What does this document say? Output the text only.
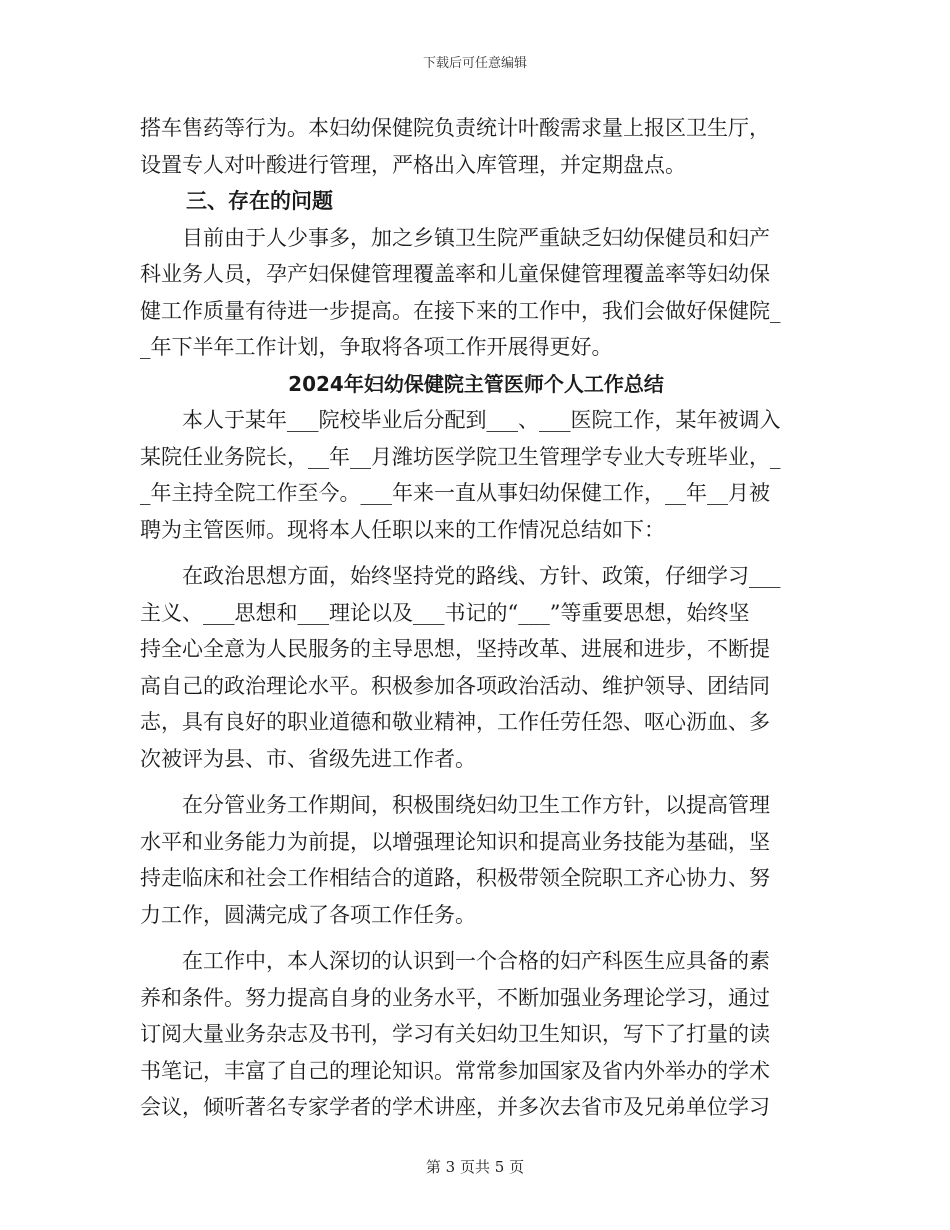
下载后可任意编辑
搭车售药等行为。本妇幼保健院负责统计叶酸需求量上报区卫生厅，
设置专人对叶酸进行管理，严格出入库管理，并定期盘点。
三、存在的问题
目前由于人少事多，加之乡镇卫生院严重缺乏妇幼保健员和妇产
科业务人员，孕产妇保健管理覆盖率和儿童保健管理覆盖率等妇幼保
健工作质量有待进一步提高。在接下来的工作中，我们会做好保健院_
_年下半年工作计划，争取将各项工作开展得更好。
2024年妇幼保健院主管医师个人工作总结
本人于某年___院校毕业后分配到___、___医院工作，某年被调入
某院任业务院长，__年__月潍坊医学院卫生管理学专业大专班毕业，_
_年主持全院工作至今。___年来一直从事妇幼保健工作，__年__月被
聘为主管医师。现将本人任职以来的工作情况总结如下：
在政治思想方面，始终坚持党的路线、方针、政策，仔细学习___
主义、___思想和___理论以及___书记的“___”等重要思想，始终坚
持全心全意为人民服务的主导思想，坚持改革、进展和进步，不断提
高自己的政治理论水平。积极参加各项政治活动、维护领导、团结同
志，具有良好的职业道德和敬业精神，工作任劳任怨、呕心沥血、多
次被评为县、市、省级先进工作者。
在分管业务工作期间，积极围绕妇幼卫生工作方针，以提高管理
水平和业务能力为前提，以增强理论知识和提高业务技能为基础，坚
持走临床和社会工作相结合的道路，积极带领全院职工齐心协力、努
力工作，圆满完成了各项工作任务。
在工作中，本人深切的认识到一个合格的妇产科医生应具备的素
养和条件。努力提高自身的业务水平，不断加强业务理论学习，通过
订阅大量业务杂志及书刊，学习有关妇幼卫生知识，写下了打量的读
书笔记，丰富了自己的理论知识。常常参加国家及省内外举办的学术
会议，倾听著名专家学者的学术讲座，并多次去省市及兄弟单位学习
第 3 页共 5 页
